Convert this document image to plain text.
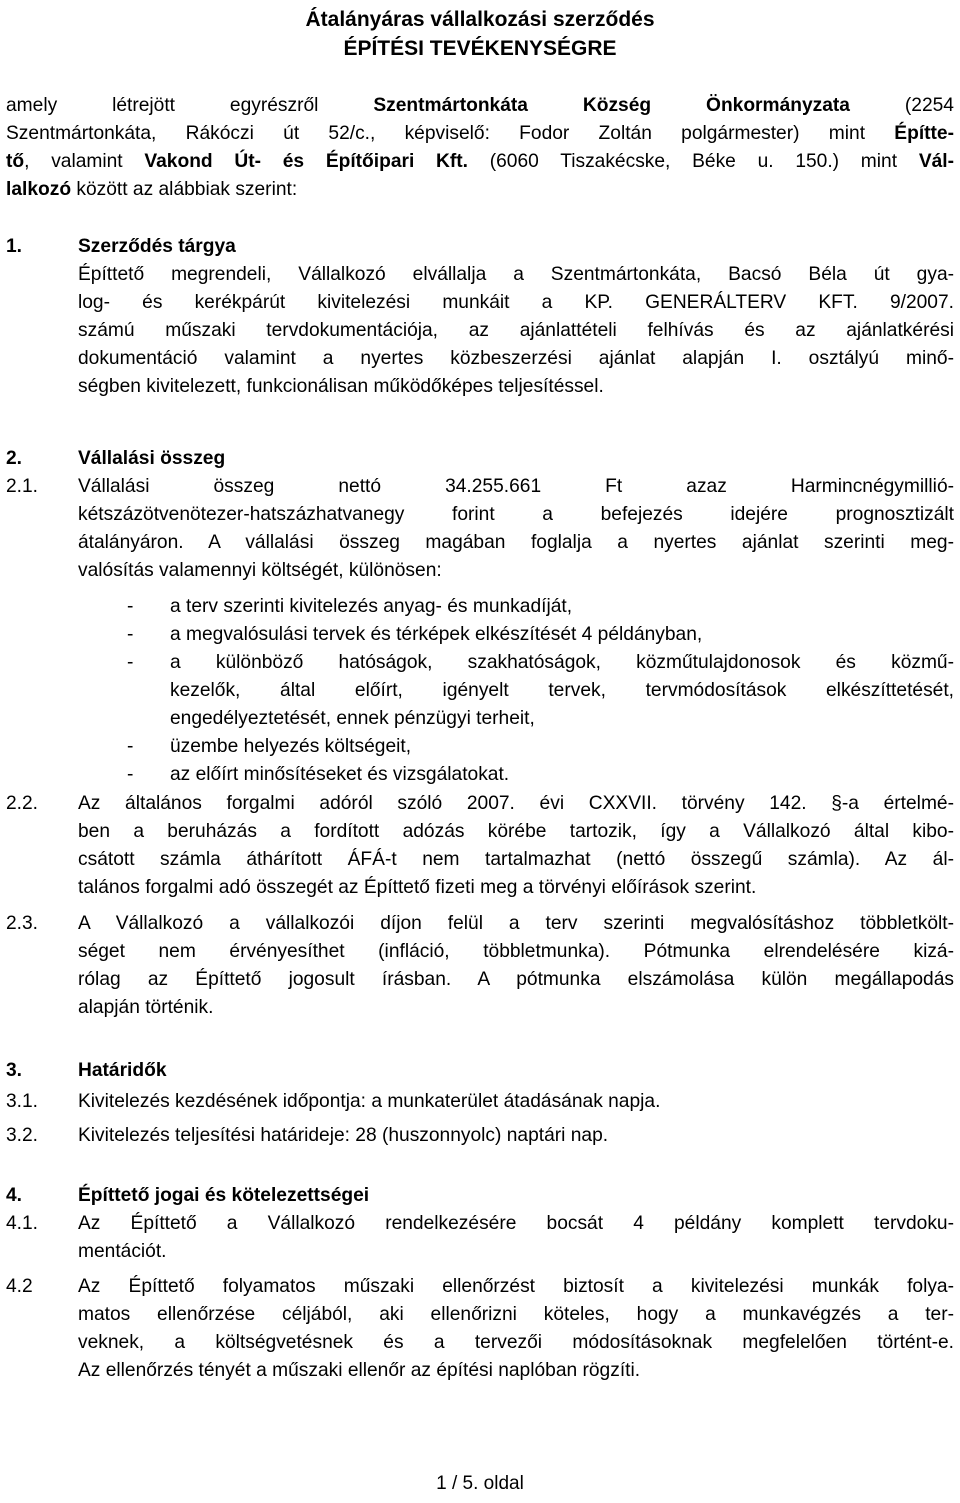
Átalányáras vállalkozási szerződés
ÉPÍTÉSI TEVÉKENYSÉGRE
amely létrejött egyrészről	Szentmártonkáta Község Önkormányzata	(2254
Szentmártonkáta, Rákóczi út 52/c., képviselő: Fodor Zoltán polgármester) mint Építte-
tő, valamint Vakond Út- és Építőipari Kft. (6060 Tiszakécske, Béke u. 150.) mint Vál-
lalkozó között az alábbiak szerint:
1.	Szerződés tárgya
Építtető megrendeli, Vállalkozó elvállalja a Szentmártonkáta, Bacsó Béla út gya-
log- és kerékpárút kivitelezési munkáit a KP. GENERÁLTERV KFT. 9/2007.
számú műszaki tervdokumentációja, az ajánlattételi felhívás és az ajánlatkérési
dokumentáció valamint a nyertes közbeszerzési ajánlat alapján I. osztályú minő-
ségben kivitelezett, funkcionálisan működőképes teljesítéssel.
2.	Vállalási összeg
2.1. Vállalási összeg nettó 34.255.661 Ft azaz Harmincnégymillió-
kétszázötvenötezer-hatszázhatvanegy forint a befejezés idejére prognosztizált
átalányáron. A vállalási összeg magában foglalja a nyertes ajánlat szerinti meg-
valósítás valamennyi költségét, különösen:
- a terv szerinti kivitelezés anyag- és munkadíját,
- a megvalósulási tervek és térképek elkészítését 4 példányban,
- a különböző hatóságok, szakhatóságok, közműtulajdonosok és közmű-
kezelők, által előírt, igényelt tervek, tervmódosítások elkészíttetését,
engedélyeztetését, ennek pénzügyi terheit,
- üzembe helyezés költségeit,
- az előírt minősítéseket és vizsgálatokat.
2.2. Az általános forgalmi adóról szóló 2007. évi CXXVII. törvény 142. §-a értelmé-
ben a beruházás a fordított adózás körébe tartozik, így a Vállalkozó által kibo-
csátott számla áthárított ÁFÁ-t nem tartalmazhat (nettó összegű számla). Az ál-
talános forgalmi adó összegét az Építtető fizeti meg a törvényi előírások szerint.
2.3. A Vállalkozó a vállalkozói díjon felül a terv szerinti megvalósításhoz többletkölt-
séget nem érvényesíthet (infláció, többletmunka). Pótmunka elrendelésére kizá-
rólag az Építtető jogosult írásban. A pótmunka elszámolása külön megállapodás
alapján történik.
3.	Határidők
3.1. Kivitelezés kezdésének időpontja: a munkaterület átadásának napja.
3.2. Kivitelezés teljesítési határideje: 28 (huszonnyolc) naptári nap.
4.	Építtető jogai és kötelezettségei
4.1. Az Építtető a Vállalkozó rendelkezésére bocsát 4 példány komplett tervdoku-
mentációt.
4.2 Az Építtető folyamatos műszaki ellenőrzést biztosít a kivitelezési munkák folya-
matos ellenőrzése céljából, aki ellenőrizni köteles, hogy a munkavégzés a ter-
veknek, a költségvetésnek és a tervezői módosításoknak megfelelően történt-e.
Az ellenőrzés tényét a műszaki ellenőr az építési naplóban rögzíti.
1 / 5. oldal
